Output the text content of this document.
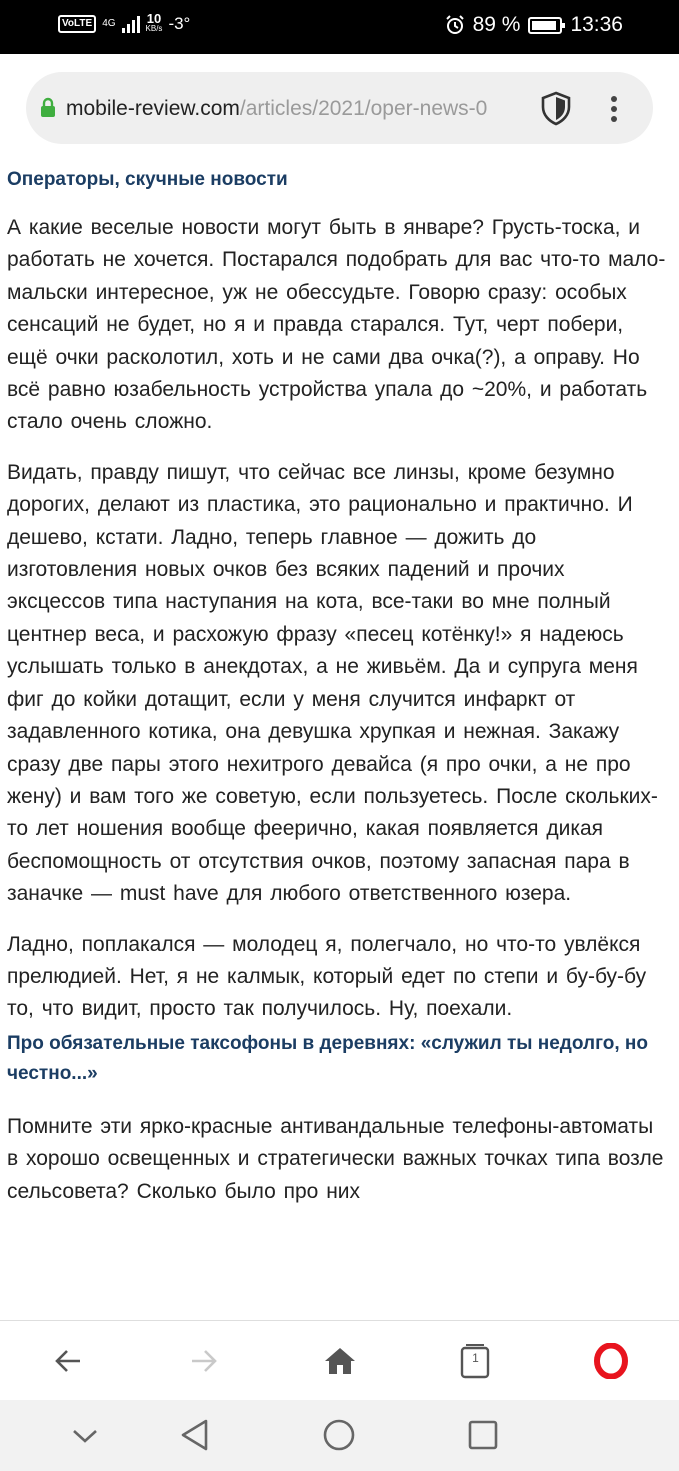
VoLTE	4G 10
KB/s -3°	89 % 13:36
mobile-review.com/articles/2021/oper-news-0
Операторы, скучные новости

А какие веселые новости могут быть в январе? Грусть-тоска, и работать не хочется. Постарался подобрать для вас что-то мало-мальски интересное, уж не обессудьте. Говорю сразу: особых сенсаций не будет, но я и правда старался. Тут, черт побери, ещё очки расколотил, хоть и не сами два очка(?), а оправу. Но всё равно юзабельность устройства упала до ~20%, и работать стало очень сложно.

Видать, правду пишут, что сейчас все линзы, кроме безумно дорогих, делают из пластика, это рационально и практично. И дешево, кстати. Ладно, теперь главное — дожить до изготовления новых очков без всяких падений и прочих эксцессов типа наступания на кота, все-таки во мне полный центнер веса, и расхожую фразу «песец котёнку!» я надеюсь услышать только в анекдотах, а не живьём. Да и супруга меня фиг до койки дотащит, если у меня случится инфаркт от задавленного котика, она девушка хрупкая и нежная. Закажу сразу две пары этого нехитрого девайса (я про очки, а не про жену) и вам того же советую, если пользуетесь. После скольких-то лет ношения вообще феерично, какая появляется дикая беспомощность от отсутствия очков, поэтому запасная пара в заначке — must have для любого ответственного юзера.

Ладно, поплакался — молодец я, полегчало, но что-то увлёкся прелюдией. Нет, я не калмык, который едет по степи и бу-бу-бу то, что видит, просто так получилось. Ну, поехали.

Про обязательные таксофоны в деревнях: «служил ты недолго, но честно...»

Помните эти ярко-красные антивандальные телефоны-автоматы в хорошо освещенных и стратегически важных точках типа возле сельсовета? Сколько было про них

1
